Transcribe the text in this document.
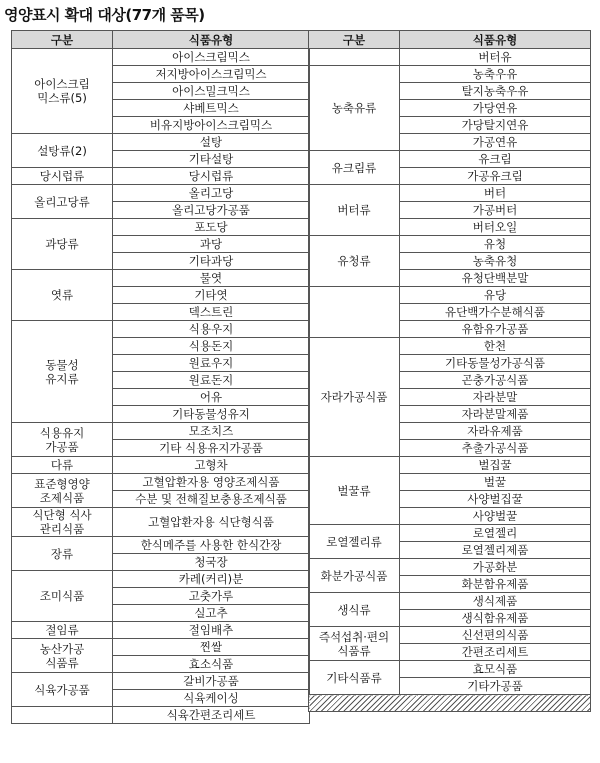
영양표시 확대 대상(77개 품목)
구분	식품유형
아이스크림
믹스류(5)	아이스크림믹스
	저지방아이스크림믹스
	아이스밀크믹스
	샤베트믹스
	비유지방아이스크림믹스

설탕류(2)	설탕
	기타설탕
당시럽류	당시럽류
올리고당류	올리고당
	올리고당가공품
과당류	포도당
	과당
	기타과당
엿류	물엿
	기타엿
	덱스트린
동물성
유지류	식용우지
	식용돈지
	원료우지
	원료돈지
	어유
	기타동물성유지
식용유지
가공품	모조치즈
	기타 식용유지가공품
다류	고형차
표준형영양
조제식품	고혈압환자용 영양조제식품
	수분 및 전해질보충용조제식품
식단형 식사
관리식품	고혈압환자용 식단형식품

장류	한식메주를 사용한 한식간장
	청국장
조미식품	카레(커리)분
	고춧가루
	실고추
절임류	절임배추
농산가공
식품류	찐쌀
	효소식품
식육가공품	갈비가공품
	식육케이싱

	식육간편조리세트
구분	식품유형
	버터유
농축유류	농축우유
	탈지농축우유
	가당연유
	가당탈지연유
	가공연유
유크림류	유크림
	가공유크림
버터류	버터
	가공버터
	버터오일
유청류	유청
	농축유청
	유청단백분말
	유당
	유단백가수분해식품
	유함유가공품
자라가공식품	한천
	기타동물성가공식품
	곤충가공식품
	자라분말
	자라분말제품
	자라유제품
	추출가공식품
벌꿀류	벌집꿀
	벌꿀
	사양벌집꿀
	사양벌꿀
로열젤리류	로열젤리
	로열젤리제품
화분가공식품	가공화분
	화분함유제품
생식류	생식제품
	생식함유제품
즉석섭취·편의
식품류	신선편의식품
	간편조리세트

기타식품류	효모식품
	기타가공품
